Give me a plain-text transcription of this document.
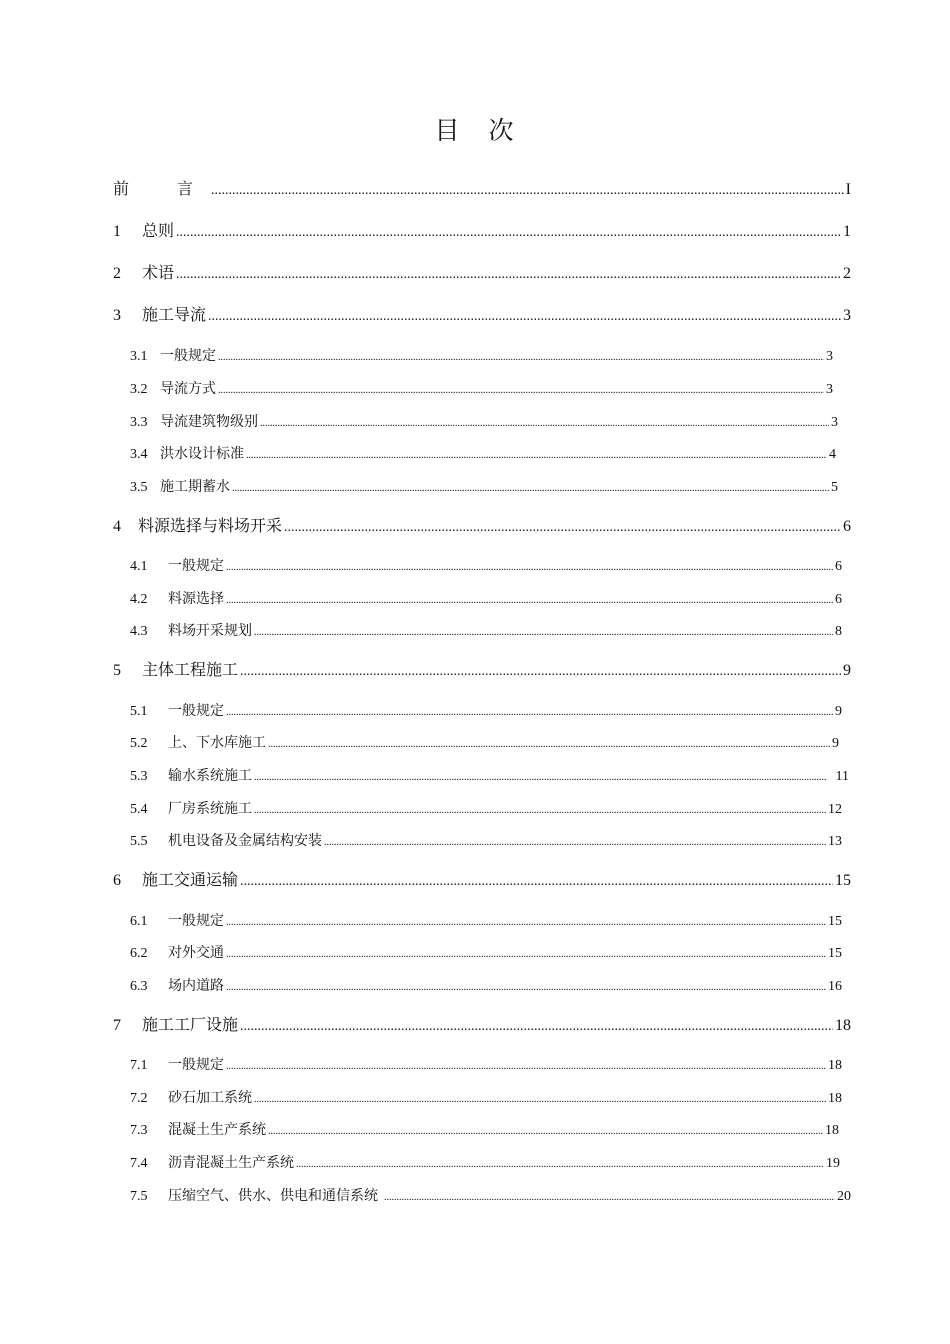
目　次
前　言 .....	I
1	总则 .....	1
2	术语 .....	2
3	施工导流 .....	3
3.1 一般规定 .....	3
3.2 导流方式 .....	3
3.3 导流建筑物级别 .....	3
3.4 洪水设计标准 .....	4
3.5 施工期蓄水 .....	5
4	料源选择与料场开采 .....	6
4.1	一般规定 .....	6
4.2	料源选择 .....	6
4.3	料场开采规划 .....	8
5	主体工程施工 .....	9
5.1	一般规定 .....	9
5.2	上、下水库施工 .....	9
5.3	输水系统施工 .....	11
5.4	厂房系统施工 .....	12
5.5	机电设备及金属结构安装 .....	13
6	施工交通运输 .....	15
6.1	一般规定 .....	15
6.2	对外交通 .....	15
6.3	场内道路 .....	16
7	施工工厂设施 .....	18
7.1	一般规定 .....	18
7.2	砂石加工系统 .....	18
7.3	混凝土生产系统 .....	18
7.4	沥青混凝土生产系统 .....	19
7.5	压缩空气、供水、供电和通信系统 .....	20
